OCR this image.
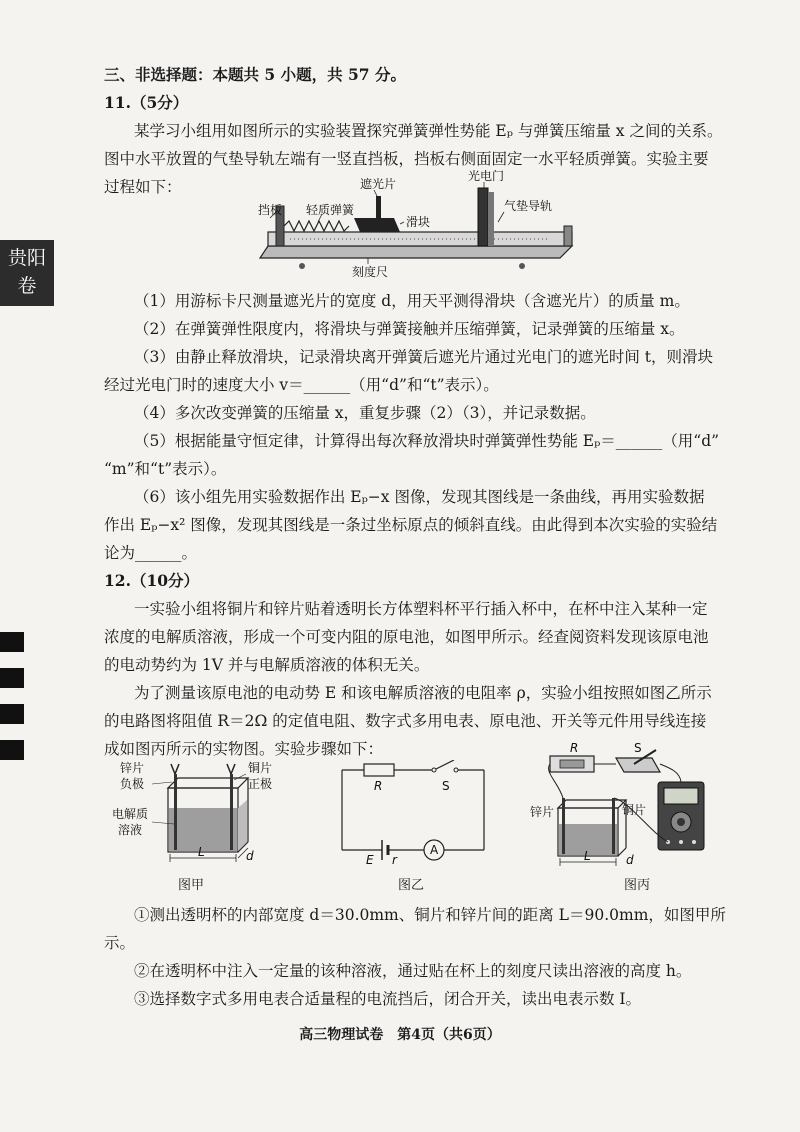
贵阳
卷
三、非选择题：本题共 5 小题，共 57 分。
11.（5分）
某学习小组用如图所示的实验装置探究弹簧弹性势能 Eₚ 与弹簧压缩量 x 之间的关系。
图中水平放置的气垫导轨左端有一竖直挡板，挡板右侧面固定一水平轻质弹簧。实验主要
过程如下：
挡板 轻质弹簧
遮光片
滑块
光电门
气垫导轨
刻度尺
（1）用游标卡尺测量遮光片的宽度 d，用天平测得滑块（含遮光片）的质量 m。
（2）在弹簧弹性限度内，将滑块与弹簧接触并压缩弹簧，记录弹簧的压缩量 x。
（3）由静止释放滑块，记录滑块离开弹簧后遮光片通过光电门的遮光时间 t，则滑块
经过光电门时的速度大小 v＝______（用“d”和“t”表示）。
（4）多次改变弹簧的压缩量 x，重复步骤（2）（3），并记录数据。
（5）根据能量守恒定律，计算得出每次释放滑块时弹簧弹性势能 Eₚ＝______（用“d”
“m”和“t”表示）。
（6）该小组先用实验数据作出 Eₚ−x 图像，发现其图线是一条曲线，再用实验数据
作出 Eₚ−x² 图像，发现其图线是一条过坐标原点的倾斜直线。由此得到本次实验的实验结
论为______。
12.（10分）
一实验小组将铜片和锌片贴着透明长方体塑料杯平行插入杯中，在杯中注入某种一定
浓度的电解质溶液，形成一个可变内阻的原电池，如图甲所示。经查阅资料发现该原电池
的电动势约为 1V 并与电解质溶液的体积无关。
为了测量该原电池的电动势 E 和该电解质溶液的电阻率 ρ，实验小组按照如图乙所示
的电路图将阻值 R＝2Ω 的定值电阻、数字式多用电表、原电池、开关等元件用导线连接
成如图丙所示的实物图。实验步骤如下：
锌片
负极
铜片
正极
电解质
溶液
L	d
图甲
R	S
E r
A
图乙
R	S
锌片	铜片
L	d
图丙
①测出透明杯的内部宽度 d＝30.0mm、铜片和锌片间的距离 L＝90.0mm，如图甲所
示。
②在透明杯中注入一定量的该种溶液，通过贴在杯上的刻度尺读出溶液的高度 h。
③选择数字式多用电表合适量程的电流挡后，闭合开关，读出电表示数 I。
高三物理试卷　第4页（共6页）
